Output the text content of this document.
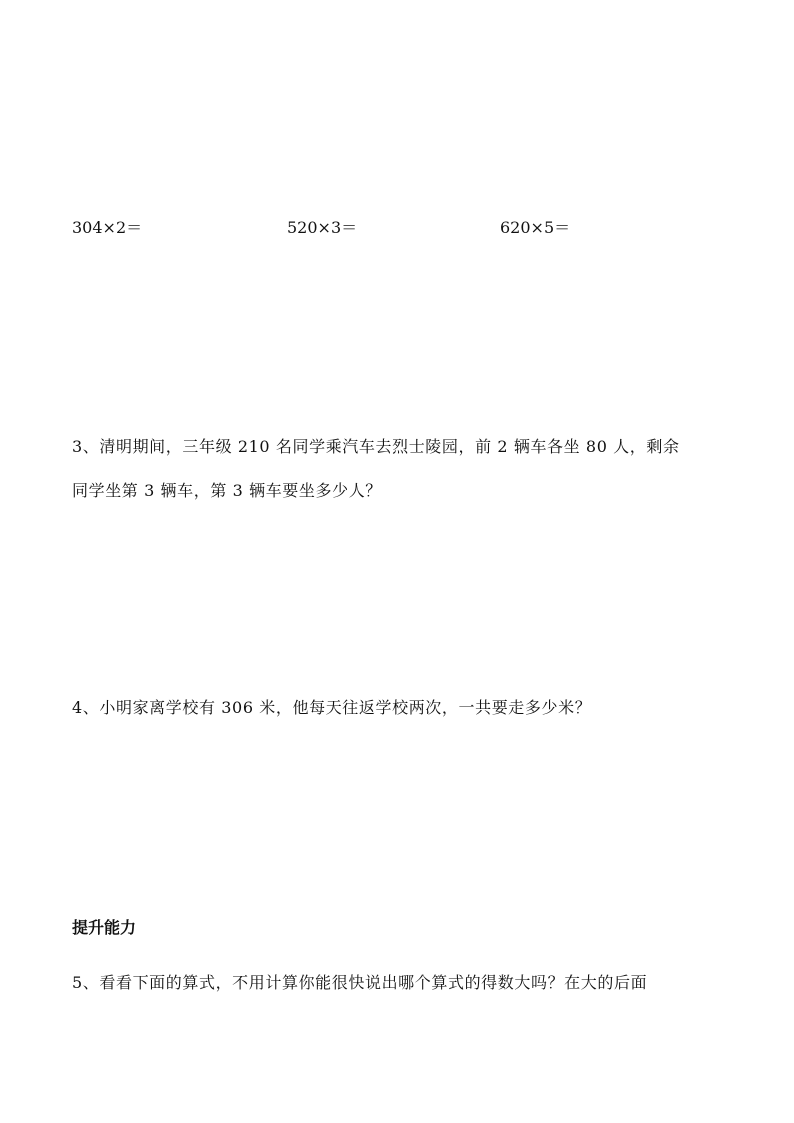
304×2＝	520×3＝	620×5＝
3、清明期间，三年级 210 名同学乘汽车去烈士陵园，前 2 辆车各坐 80 人，剩余
同学坐第 3 辆车，第 3 辆车要坐多少人？
4、小明家离学校有 306 米，他每天往返学校两次，一共要走多少米？
提升能力
5、看看下面的算式，不用计算你能很快说出哪个算式的得数大吗？在大的后面
